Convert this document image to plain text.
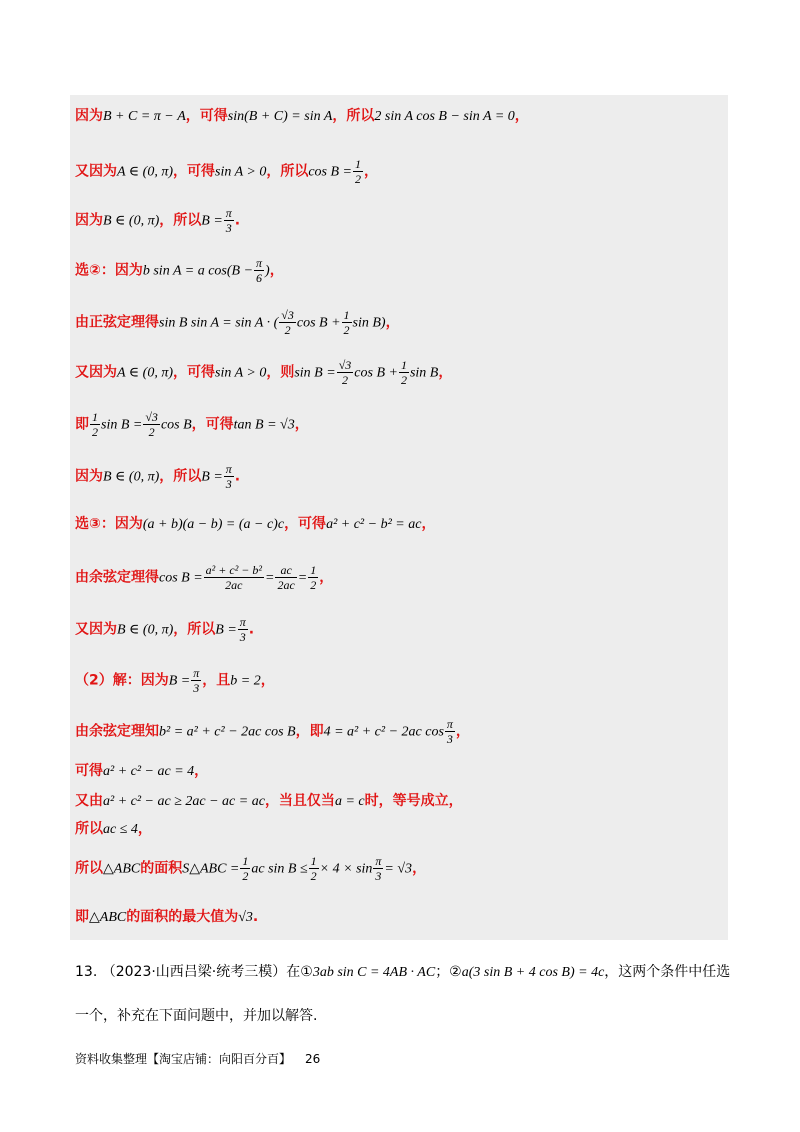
因为B + C = π − A，可得sin(B + C) = sin A，所以2 sin A cos B − sin A = 0，
又因为A ∈ (0, π)，可得sin A > 0，所以$\cos B = \frac{1}{2}$ ，
因为B ∈ (0, π)，所以$B = \frac{\pi}{3}$ .
选②：因为b sin A = a $\cos(B - \frac{\pi}{6}$ )，
由正弦定理得sin B sin A = sin A · ( $\frac{√3}{2}$ $\cos B + \frac{1}{2}$ sin B)，
又因为A ∈ (0, π)，可得sin A > 0，则$\sin B = \frac{√3}{2}$ $\cos B + \frac{1}{2}$ sin B，
即 $\frac{1}{2}$ $\sin B = \frac{√3}{2}$ cos B，可得tan B = √3，
因为B ∈ (0, π)，所以$B = \frac{\pi}{3}$ .
选③：因为(a + b)(a − b) = (a − c)c，可得a² + c² − b² = ac，
由余弦定理得$\cos B = \frac{\text{a² + c² − b²}}{2ac} = \frac{ac}{2ac} = \frac{1}{2}$ ，
又因为B ∈ (0, π)，所以$B = \frac{\pi}{3}$ .
（2）解：因为$B = \frac{\pi}{3}$ ，且b = 2，
由余弦定理知b² = a² + c² − 2ac cos B，即4 = a² + c² − 2ac $\cos \frac{\pi}{3}$ ，
可得a² + c² − ac = 4，
又由a² + c² − ac ≥ 2ac − ac = ac，当且仅当a = c时，等号成立，
所以ac ≤ 4，
所以△ABC的面积S△ABC = $\frac{1}{2}$ ac $\sin B \le \frac{1}{2} \times 4 \times \sin \frac{\pi}{3} = √3$，
即△ABC的面积的最大值为√3.
13. （2023·山西吕梁·统考三模）在①3ab sin C = 4AB · AC；②a(3 sin B + 4 cos B) = 4c，这两个条件中任选
一个，补充在下面问题中，并加以解答.
资料收集整理【淘宝店铺：向阳百分百】 26
